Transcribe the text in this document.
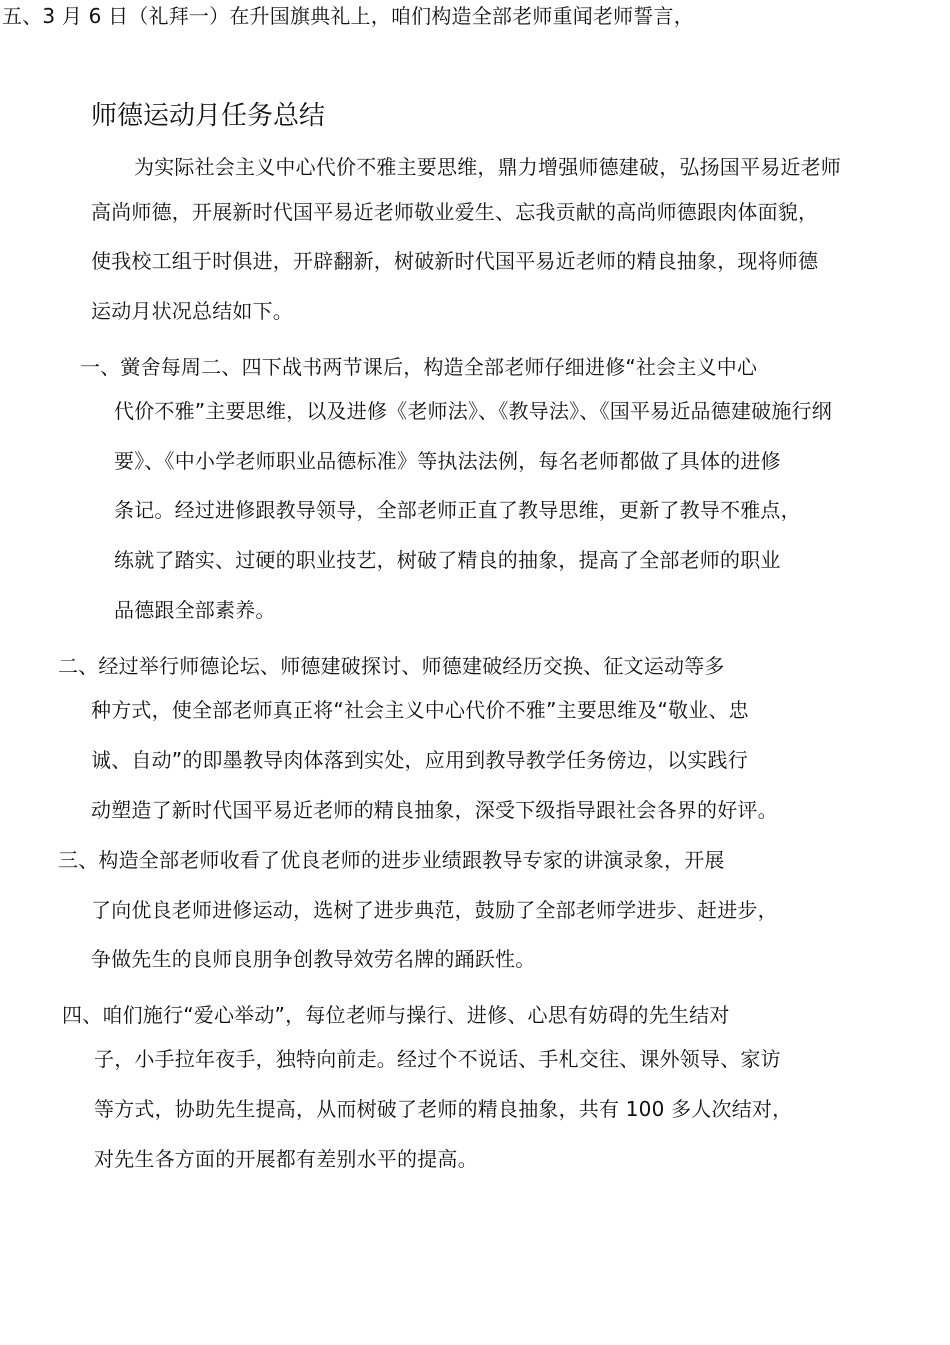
五、3 月 6 日（礼拜一）在升国旗典礼上，咱们构造全部老师重闻老师誓言，
师德运动月任务总结
为实际社会主义中心代价不雅主要思维，鼎力增强师德建破，弘扬国平易近老师
高尚师德，开展新时代国平易近老师敬业爱生、忘我贡献的高尚师德跟肉体面貌，
使我校工组于时俱进，开辟翻新，树破新时代国平易近老师的精良抽象，现将师德
运动月状况总结如下。
一、黉舍每周二、四下战书两节课后，构造全部老师仔细进修“社会主义中心
代价不雅”主要思维，以及进修《老师法》、《教导法》、《国平易近品德建破施行纲
要》、《中小学老师职业品德标准》等执法法例，每名老师都做了具体的进修
条记。经过进修跟教导领导，全部老师正直了教导思维，更新了教导不雅点，
练就了踏实、过硬的职业技艺，树破了精良的抽象，提高了全部老师的职业
品德跟全部素养。
二、经过举行师德论坛、师德建破探讨、师德建破经历交换、征文运动等多
种方式，使全部老师真正将“社会主义中心代价不雅”主要思维及“敬业、忠
诚、自动”的即墨教导肉体落到实处，应用到教导教学任务傍边，以实践行
动塑造了新时代国平易近老师的精良抽象，深受下级指导跟社会各界的好评。
三、构造全部老师收看了优良老师的进步业绩跟教导专家的讲演录象，开展
了向优良老师进修运动，选树了进步典范，鼓励了全部老师学进步、赶进步，
争做先生的良师良朋争创教导效劳名牌的踊跃性。
四、咱们施行“爱心举动”，每位老师与操行、进修、心思有妨碍的先生结对
子，小手拉年夜手，独特向前走。经过个不说话、手札交往、课外领导、家访
等方式，协助先生提高，从而树破了老师的精良抽象，共有 100 多人次结对，
对先生各方面的开展都有差别水平的提高。
